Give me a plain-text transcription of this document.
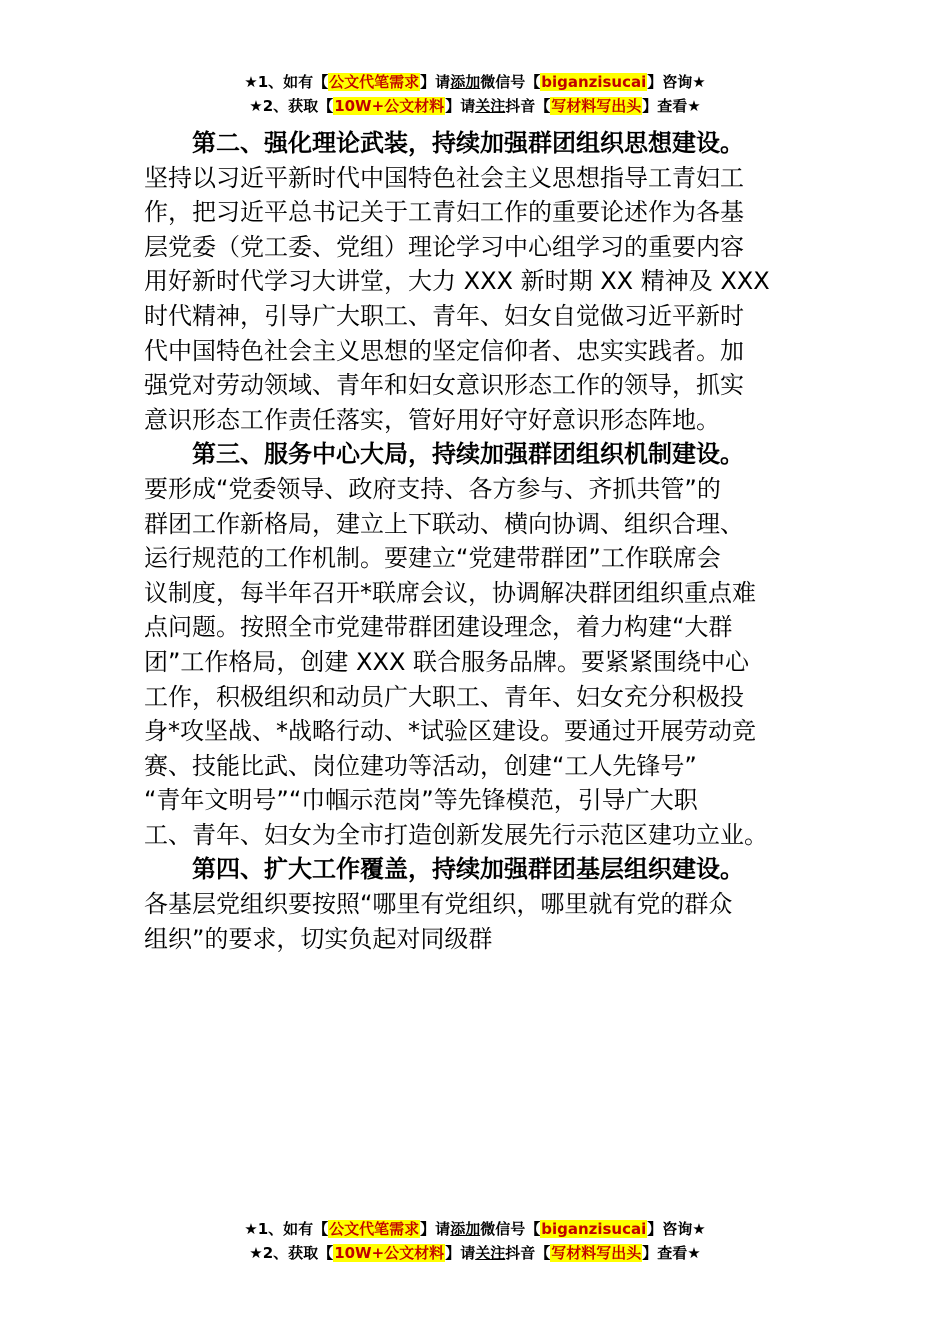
★1、如有【公文代笔需求】请添加微信号【biganzisucai】咨询★
★2、获取【10W+公文材料】请关注抖音【写材料写出头】查看★
第二、强化理论武装，持续加强群团组织思想建设。
坚持以习近平新时代中国特色社会主义思想指导工青妇工
作，把习近平总书记关于工青妇工作的重要论述作为各基
层党委（党工委、党组）理论学习中心组学习的重要内容
用好新时代学习大讲堂，大力 XXX 新时期 XX 精神及 XXX
时代精神，引导广大职工、青年、妇女自觉做习近平新时
代中国特色社会主义思想的坚定信仰者、忠实实践者。加
强党对劳动领域、青年和妇女意识形态工作的领导，抓实
意识形态工作责任落实，管好用好守好意识形态阵地。
第三、服务中心大局，持续加强群团组织机制建设。
要形成“党委领导、政府支持、各方参与、齐抓共管”的
群团工作新格局，建立上下联动、横向协调、组织合理、
运行规范的工作机制。要建立“党建带群团”工作联席会
议制度，每半年召开*联席会议，协调解决群团组织重点难
点问题。按照全市党建带群团建设理念，着力构建“大群
团”工作格局，创建 XXX 联合服务品牌。要紧紧围绕中心
工作，积极组织和动员广大职工、青年、妇女充分积极投
身*攻坚战、*战略行动、*试验区建设。要通过开展劳动竞
赛、技能比武、岗位建功等活动，创建“工人先锋号”
“青年文明号”“巾帼示范岗”等先锋模范，引导广大职
工、青年、妇女为全市打造创新发展先行示范区建功立业。
第四、扩大工作覆盖，持续加强群团基层组织建设。
各基层党组织要按照“哪里有党组织，哪里就有党的群众
组织”的要求，切实负起对同级群
★1、如有【公文代笔需求】请添加微信号【biganzisucai】咨询★
★2、获取【10W+公文材料】请关注抖音【写材料写出头】查看★
